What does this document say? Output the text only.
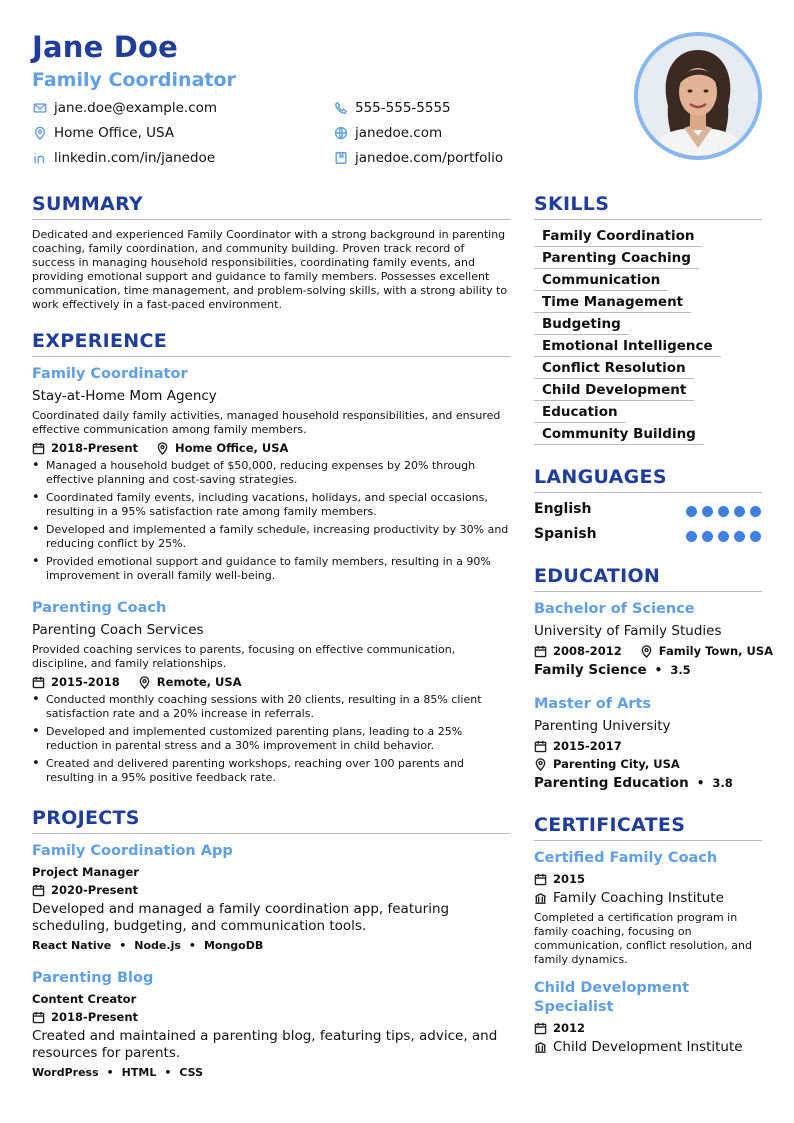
Jane Doe
Family Coordinator
jane.doe@example.com	555-555-5555
Home Office, USA	janedoe.com
linkedin.com/in/janedoe	janedoe.com/portfolio
SUMMARY
Dedicated and experienced Family Coordinator with a strong background in parenting coaching, family coordination, and community building. Proven track record of success in managing household responsibilities, coordinating family events, and providing emotional support and guidance to family members. Possesses excellent communication, time management, and problem-solving skills, with a strong ability to work effectively in a fast-paced environment.
EXPERIENCE
Family Coordinator
Stay-at-Home Mom Agency
Coordinated daily family activities, managed household responsibilities, and ensured effective communication among family members.
2018-Present	Home Office, USA
• Managed a household budget of $50,000, reducing expenses by 20% through effective planning and cost-saving strategies.
• Coordinated family events, including vacations, holidays, and special occasions, resulting in a 95% satisfaction rate among family members.
• Developed and implemented a family schedule, increasing productivity by 30% and reducing conflict by 25%.
• Provided emotional support and guidance to family members, resulting in a 90% improvement in overall family well-being.
Parenting Coach
Parenting Coach Services
Provided coaching services to parents, focusing on effective communication, discipline, and family relationships.
2015-2018	Remote, USA
• Conducted monthly coaching sessions with 20 clients, resulting in a 85% client satisfaction rate and a 20% increase in referrals.
• Developed and implemented customized parenting plans, leading to a 25% reduction in parental stress and a 30% improvement in child behavior.
• Created and delivered parenting workshops, reaching over 100 parents and resulting in a 95% positive feedback rate.
PROJECTS
Family Coordination App
Project Manager
2020-Present
Developed and managed a family coordination app, featuring scheduling, budgeting, and communication tools.
React Native • Node.js • MongoDB
Parenting Blog
Content Creator
2018-Present
Created and maintained a parenting blog, featuring tips, advice, and resources for parents.
WordPress • HTML • CSS
SKILLS
Family Coordination
Parenting Coaching
Communication
Time Management
Budgeting
Emotional Intelligence
Conflict Resolution
Child Development
Education
Community Building
LANGUAGES
English
Spanish
EDUCATION
Bachelor of Science
University of Family Studies
2008-2012	Family Town, USA
Family Science • 3.5
Master of Arts
Parenting University
2015-2017
Parenting City, USA
Parenting Education • 3.8
CERTIFICATES
Certified Family Coach
2015
Family Coaching Institute
Completed a certification program in family coaching, focusing on communication, conflict resolution, and family dynamics.
Child Development
Specialist
2012
Child Development Institute
